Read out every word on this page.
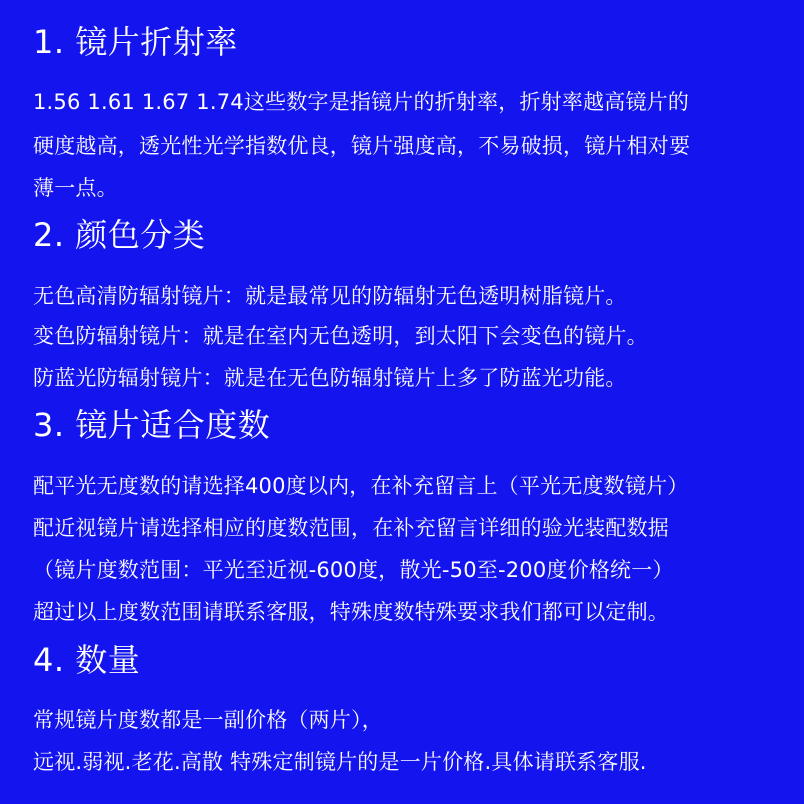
1. 镜片折射率
1.56 1.61 1.67 1.74这些数字是指镜片的折射率，折射率越高镜片的
硬度越高，透光性光学指数优良，镜片强度高，不易破损，镜片相对要
薄一点。
2. 颜色分类
无色高清防辐射镜片：就是最常见的防辐射无色透明树脂镜片。
变色防辐射镜片：就是在室内无色透明，到太阳下会变色的镜片。
防蓝光防辐射镜片：就是在无色防辐射镜片上多了防蓝光功能。
3. 镜片适合度数
配平光无度数的请选择400度以内，在补充留言上（平光无度数镜片）
配近视镜片请选择相应的度数范围，在补充留言详细的验光装配数据
（镜片度数范围：平光至近视-600度，散光-50至-200度价格统一）
超过以上度数范围请联系客服，特殊度数特殊要求我们都可以定制。
4. 数量
常规镜片度数都是一副价格（两片），
远视.弱视.老花.高散 特殊定制镜片的是一片价格.具体请联系客服.
